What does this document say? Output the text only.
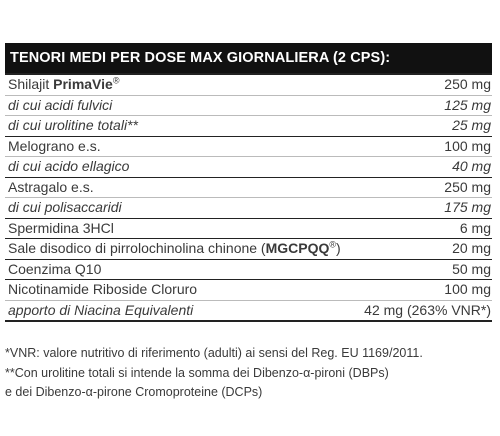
TENORI MEDI PER DOSE MAX GIORNALIERA (2 CPS):
Shilajit PrimaVie®	250 mg
di cui acidi fulvici	125 mg
di cui urolitine totali**	25 mg
Melograno e.s.	100 mg
di cui acido ellagico	40 mg
Astragalo e.s.	250 mg
di cui polisaccaridi	175 mg
Spermidina 3HCl	6 mg
Sale disodico di pirrolochinolina chinone (MGCPQQ®)	20 mg
Coenzima Q10	50 mg
Nicotinamide Riboside Cloruro	100 mg
apporto di Niacina Equivalenti	42 mg (263% VNR*)
*VNR: valore nutritivo di riferimento (adulti) ai sensi del Reg. EU 1169/2011.
**Con urolitine totali si intende la somma dei Dibenzo-α-pironi (DBPs)
e dei Dibenzo-α-pirone Cromoproteine (DCPs)
